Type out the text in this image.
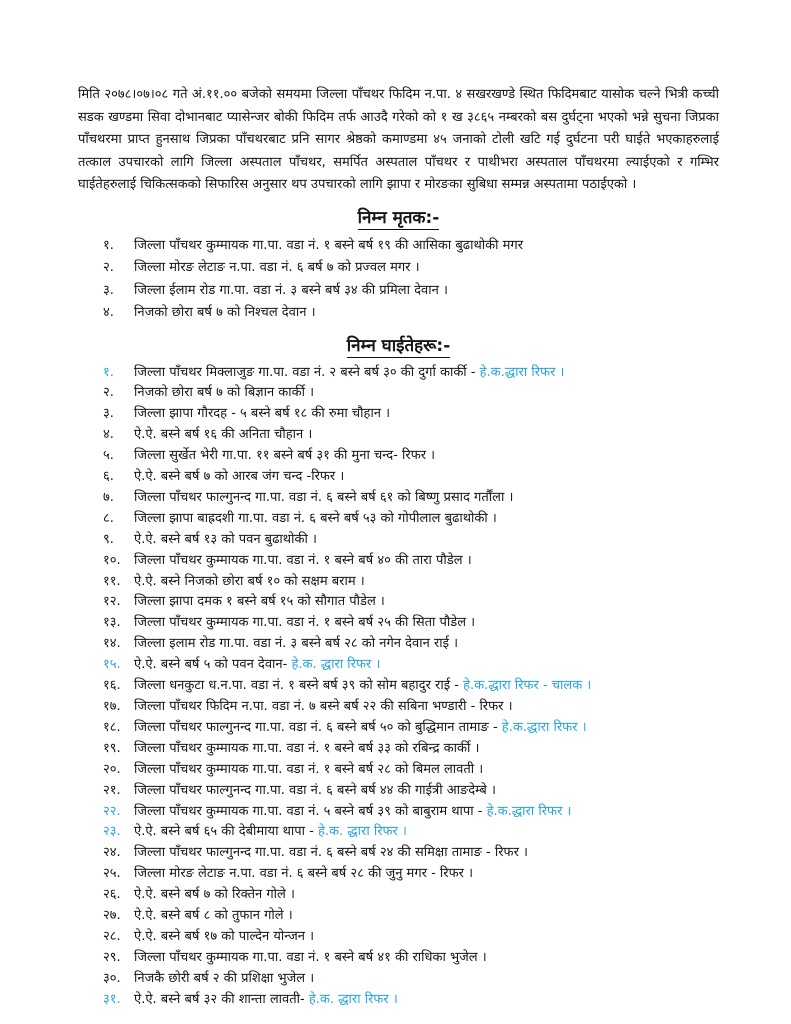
मिति २०७८।०७।०८ गते अं.११.०० बजेको समयमा जिल्ला पाँचथर फिदिम न.पा. ४ सखरखण्डे स्थित फिदिमबाट यासोक चल्ने भित्री कच्ची सडक खण्डमा सिवा दोभानबाट प्यासेन्जर बोकी फिदिम तर्फ आउदै गरेको को १ ख ३८६५ नम्बरको बस दुर्घट्ना भएको भन्ने सुचना जिप्रका पाँचथरमा प्राप्त हुनसाथ जिप्रका पाँचथरबाट प्रनि सागर श्रेष्ठको कमाण्डमा ४५ जनाको टोली खटि गई दुर्घटना परी घाईते भएकाहरुलाई तत्काल उपचारको लागि जिल्ला अस्पताल पाँचथर, समर्पित अस्पताल पाँचथर र पाथीभरा अस्पताल पाँचथरमा ल्याईएको र गम्भिर घाईतेहरुलाई चिकित्सकको सिफारिस अनुसार थप उपचारको लागि झापा र मोरङका सुबिधा सम्मन्न अस्पतामा पठाईएको ।

निम्न मृतक:-
१.	जिल्ला पाँचथर कुम्मायक गा.पा. वडा नं. १ बस्ने बर्ष १९ की आसिका बुढाथोकी मगर
२.	जिल्ला मोरङ लेटाङ न.पा. वडा नं. ६ बर्ष ७ को प्रज्वल मगर ।
३.	जिल्ला ईलाम रोड गा.पा. वडा नं. ३ बस्ने बर्ष ३४ की प्रमिला देवान ।
४.	निजको छोरा बर्ष ७ को निश्चल देवान ।
निम्न घाईतेहरू:-
१.	जिल्ला पाँचथर मिक्लाजुङ गा.पा. वडा नं. २ बस्ने बर्ष ३० की दुर्गा कार्की - हे.क.द्धारा रिफर ।
२.	निजको छोरा बर्ष ७ को बिज्ञान कार्की ।
३.	जिल्ला झापा गौरदह - ५ बस्ने बर्ष १८ की रुमा चौहान ।
४.	ऐ.ऐ. बस्ने बर्ष १६ की अनिता चौहान ।
५.	जिल्ला सुर्खेत भेरी गा.पा. ११ बस्ने बर्ष ३१ की मुना चन्द- रिफर ।
६.	ऐ.ऐ. बस्ने बर्ष ७ को आरब जंग चन्द -रिफर ।
७.	जिल्ला पाँचथर फाल्गुनन्द गा.पा. वडा नं. ६ बस्ने बर्ष ६१ को बिष्णु प्रसाद गर्तौंला ।
८.	जिल्ला झापा बाह्रदशी गा.पा. वडा नं. ६ बस्ने बर्ष ५३ को गोपीलाल बुढाथोकी ।
९.	ऐ.ऐ. बस्ने बर्ष १३ को पवन बुढाथोकी ।
१०.	जिल्ला पाँचथर कुम्मायक गा.पा. वडा नं. १ बस्ने बर्ष ४० की तारा पौडेल ।
११.	ऐ.ऐ. बस्ने निजको छोरा बर्ष १० को सक्षम बराम ।
१२.	जिल्ला झापा दमक १ बस्ने बर्ष १५ को सौगात पौडेल ।
१३.	जिल्ला पाँचथर कुम्मायक गा.पा. वडा नं. १ बस्ने बर्ष २५ की सिता पौडेल ।
१४.	जिल्ला इलाम रोड गा.पा. वडा नं. ३ बस्ने बर्ष २८ को नगेन देवान राई ।
१५.	ऐ.ऐ. बस्ने बर्ष ५ को पवन देवान- हे.क. द्धारा रिफर ।
१६.	जिल्ला धनकुटा ध.न.पा. वडा नं. १ बस्ने बर्ष ३९ को सोम बहादुर राई - हे.क.द्धारा रिफर - चालक ।
१७.	जिल्ला पाँचथर फिदिम न.पा. वडा नं. ७ बस्ने बर्ष २२ की सबिना भण्डारी - रिफर ।
१८.	जिल्ला पाँचथर फाल्गुनन्द गा.पा. वडा नं. ६ बस्ने बर्ष ५० को बुद्धिमान तामाङ - हे.क.द्धारा रिफर ।
१९.	जिल्ला पाँचथर कुम्मायक गा.पा. वडा नं. १ बस्ने बर्ष ३३ को रबिन्द्र कार्की ।
२०.	जिल्ला पाँचथर कुम्मायक गा.पा. वडा नं. १ बस्ने बर्ष २८ को बिमल लावती ।
२१.	जिल्ला पाँचथर फाल्गुनन्द गा.पा. वडा नं. ६ बस्ने बर्ष ४४ की गाईत्री आङदेम्बे ।
२२.	जिल्ला पाँचथर कुम्मायक गा.पा. वडा नं. ५ बस्ने बर्ष ३९ को बाबुराम थापा - हे.क.द्धारा रिफर ।
२३.	ऐ.ऐ. बस्ने बर्ष ६५ की देबीमाया थापा - हे.क. द्धारा रिफर ।
२४.	जिल्ला पाँचथर फाल्गुनन्द गा.पा. वडा नं. ६ बस्ने बर्ष २४ की समिक्षा तामाङ - रिफर ।
२५.	जिल्ला मोरङ लेटाङ न.पा. वडा नं. ६ बस्ने बर्ष २८ की जुनु मगर - रिफर ।
२६.	ऐ.ऐ. बस्ने बर्ष ७ को रिक्तेन गोले ।
२७.	ऐ.ऐ. बस्ने बर्ष ८ को तुफान गोले ।
२८.	ऐ.ऐ. बस्ने बर्ष १७ को पाल्देन योन्जन ।
२९.	जिल्ला पाँचथर कुम्मायक गा.पा. वडा नं. १ बस्ने बर्ष ४१ की राधिका भुजेल ।
३०.	निजकै छोरी बर्ष २ की प्रशिक्षा भुजेल ।
३१.	ऐ.ऐ. बस्ने बर्ष ३२ की शान्ता लावती- हे.क. द्धारा रिफर ।
